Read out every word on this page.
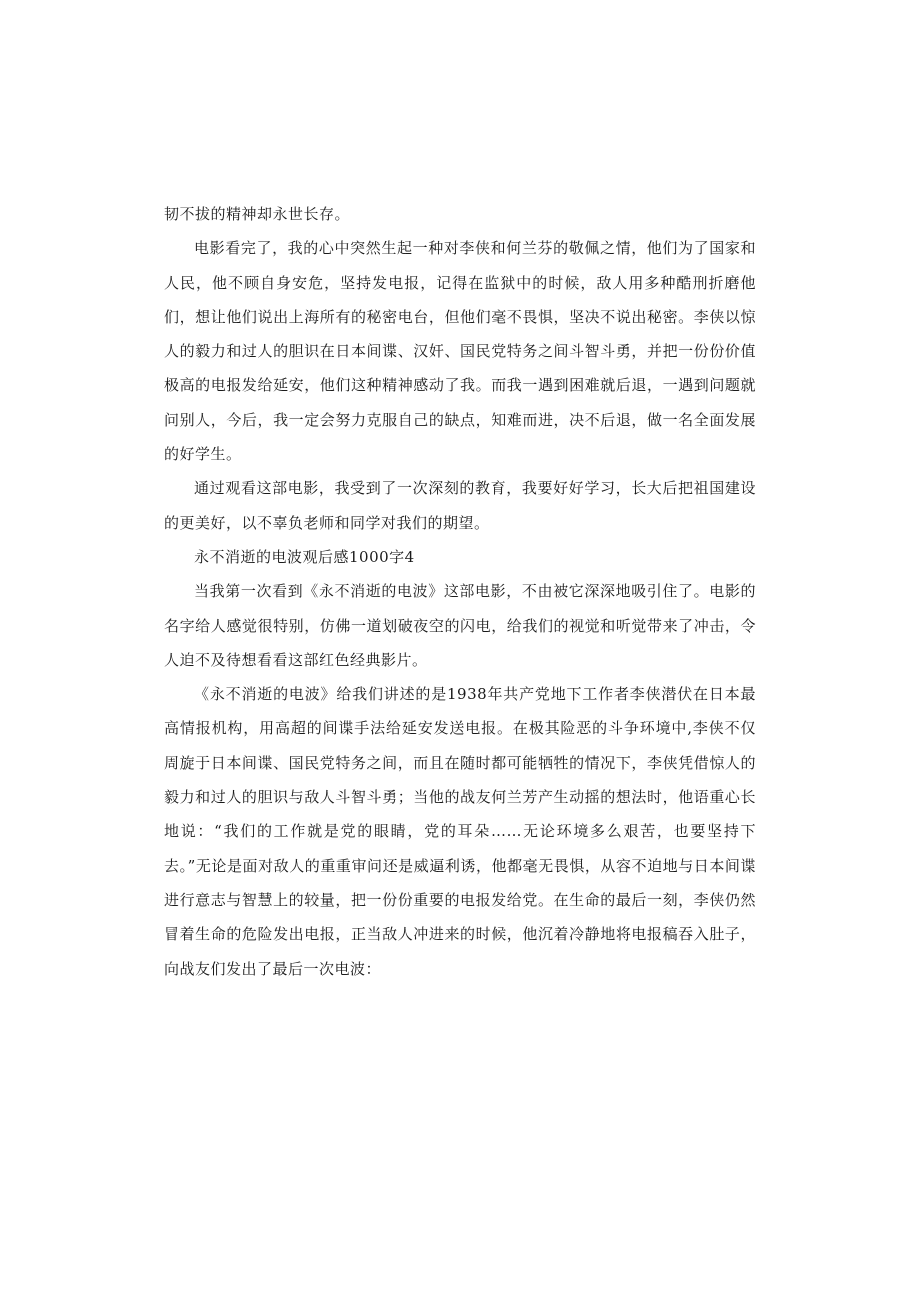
韧不拔的精神却永世长存。

电影看完了，我的心中突然生起一种对李侠和何兰芬的敬佩之情，他们为了国家和人民，他不顾自身安危，坚持发电报，记得在监狱中的时候，敌人用多种酷刑折磨他们，想让他们说出上海所有的秘密电台，但他们毫不畏惧，坚决不说出秘密。李侠以惊人的毅力和过人的胆识在日本间谍、汉奸、国民党特务之间斗智斗勇，并把一份份价值极高的电报发给延安，他们这种精神感动了我。而我一遇到困难就后退，一遇到问题就问别人，今后，我一定会努力克服自己的缺点，知难而进，决不后退，做一名全面发展的好学生。

通过观看这部电影，我受到了一次深刻的教育，我要好好学习，长大后把祖国建设的更美好，以不辜负老师和同学对我们的期望。

永不消逝的电波观后感1000字4

当我第一次看到《永不消逝的电波》这部电影，不由被它深深地吸引住了。电影的名字给人感觉很特别，仿佛一道划破夜空的闪电，给我们的视觉和听觉带来了冲击，令人迫不及待想看看这部红色经典影片。

《永不消逝的电波》给我们讲述的是1938年共产党地下工作者李侠潜伏在日本最高情报机构，用高超的间谍手法给延安发送电报。在极其险恶的斗争环境中,李侠不仅周旋于日本间谍、国民党特务之间，而且在随时都可能牺牲的情况下，李侠凭借惊人的毅力和过人的胆识与敌人斗智斗勇；当他的战友何兰芳产生动摇的想法时，他语重心长地说：“我们的工作就是党的眼睛，党的耳朵……无论环境多么艰苦，也要坚持下去。”无论是面对敌人的重重审问还是威逼利诱，他都毫无畏惧，从容不迫地与日本间谍进行意志与智慧上的较量，把一份份重要的电报发给党。在生命的最后一刻，李侠仍然冒着生命的危险发出电报，正当敌人冲进来的时候，他沉着冷静地将电报稿吞入肚子，向战友们发出了最后一次电波：
